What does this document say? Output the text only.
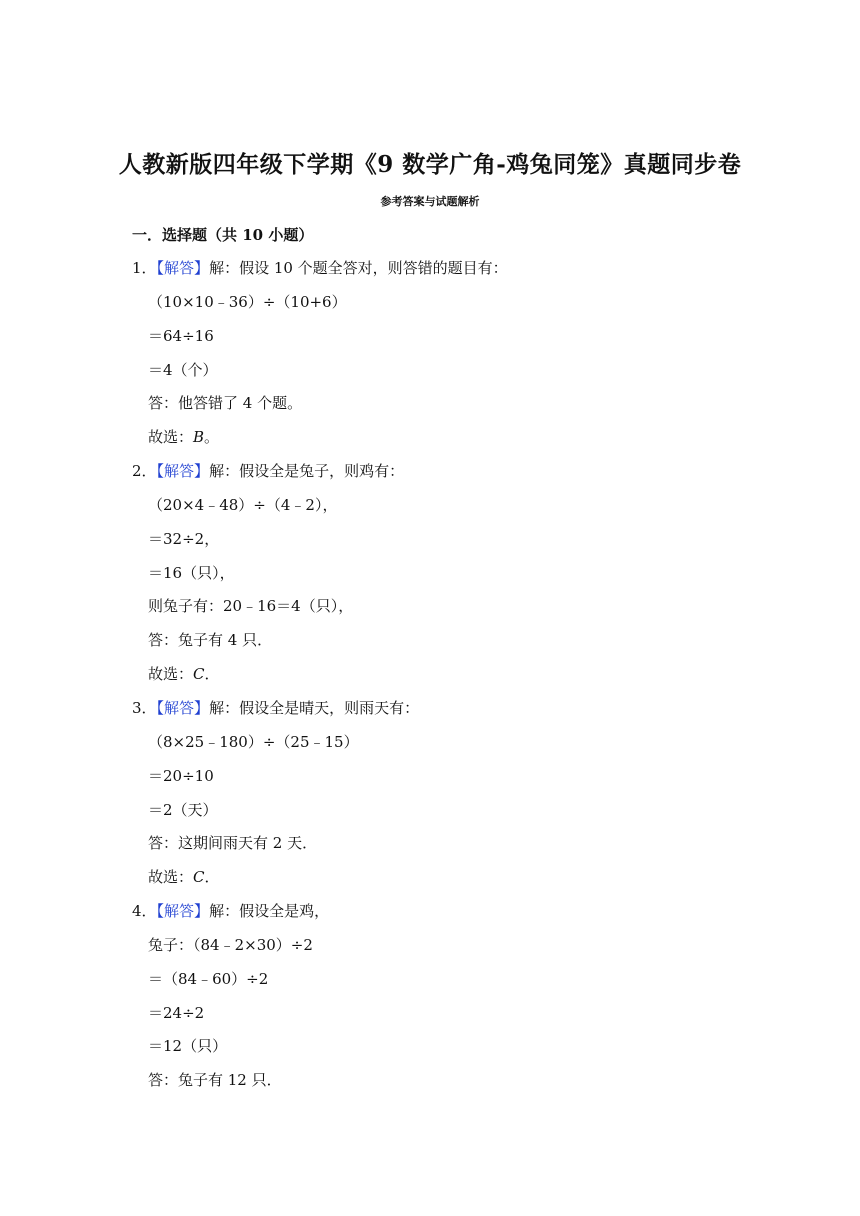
人教新版四年级下学期《9 数学广角-鸡兔同笼》真题同步卷
参考答案与试题解析
一．选择题（共 10 小题）
1．【解答】解：假设 10 个题全答对，则答错的题目有：
（10×10﹣36）÷（10+6）
＝64÷16
＝4（个）
答：他答错了 4 个题。
故选：B。
2．【解答】解：假设全是兔子，则鸡有：
（20×4﹣48）÷（4﹣2），
＝32÷2，
＝16（只），
则兔子有：20﹣16＝4（只），
答：兔子有 4 只．
故选：C．
3．【解答】解：假设全是晴天，则雨天有：
（8×25﹣180）÷（25﹣15）
＝20÷10
＝2（天）
答：这期间雨天有 2 天．
故选：C．
4．【解答】解：假设全是鸡，
兔子：（84﹣2×30）÷2
＝（84﹣60）÷2
＝24÷2
＝12（只）
答：兔子有 12 只．
